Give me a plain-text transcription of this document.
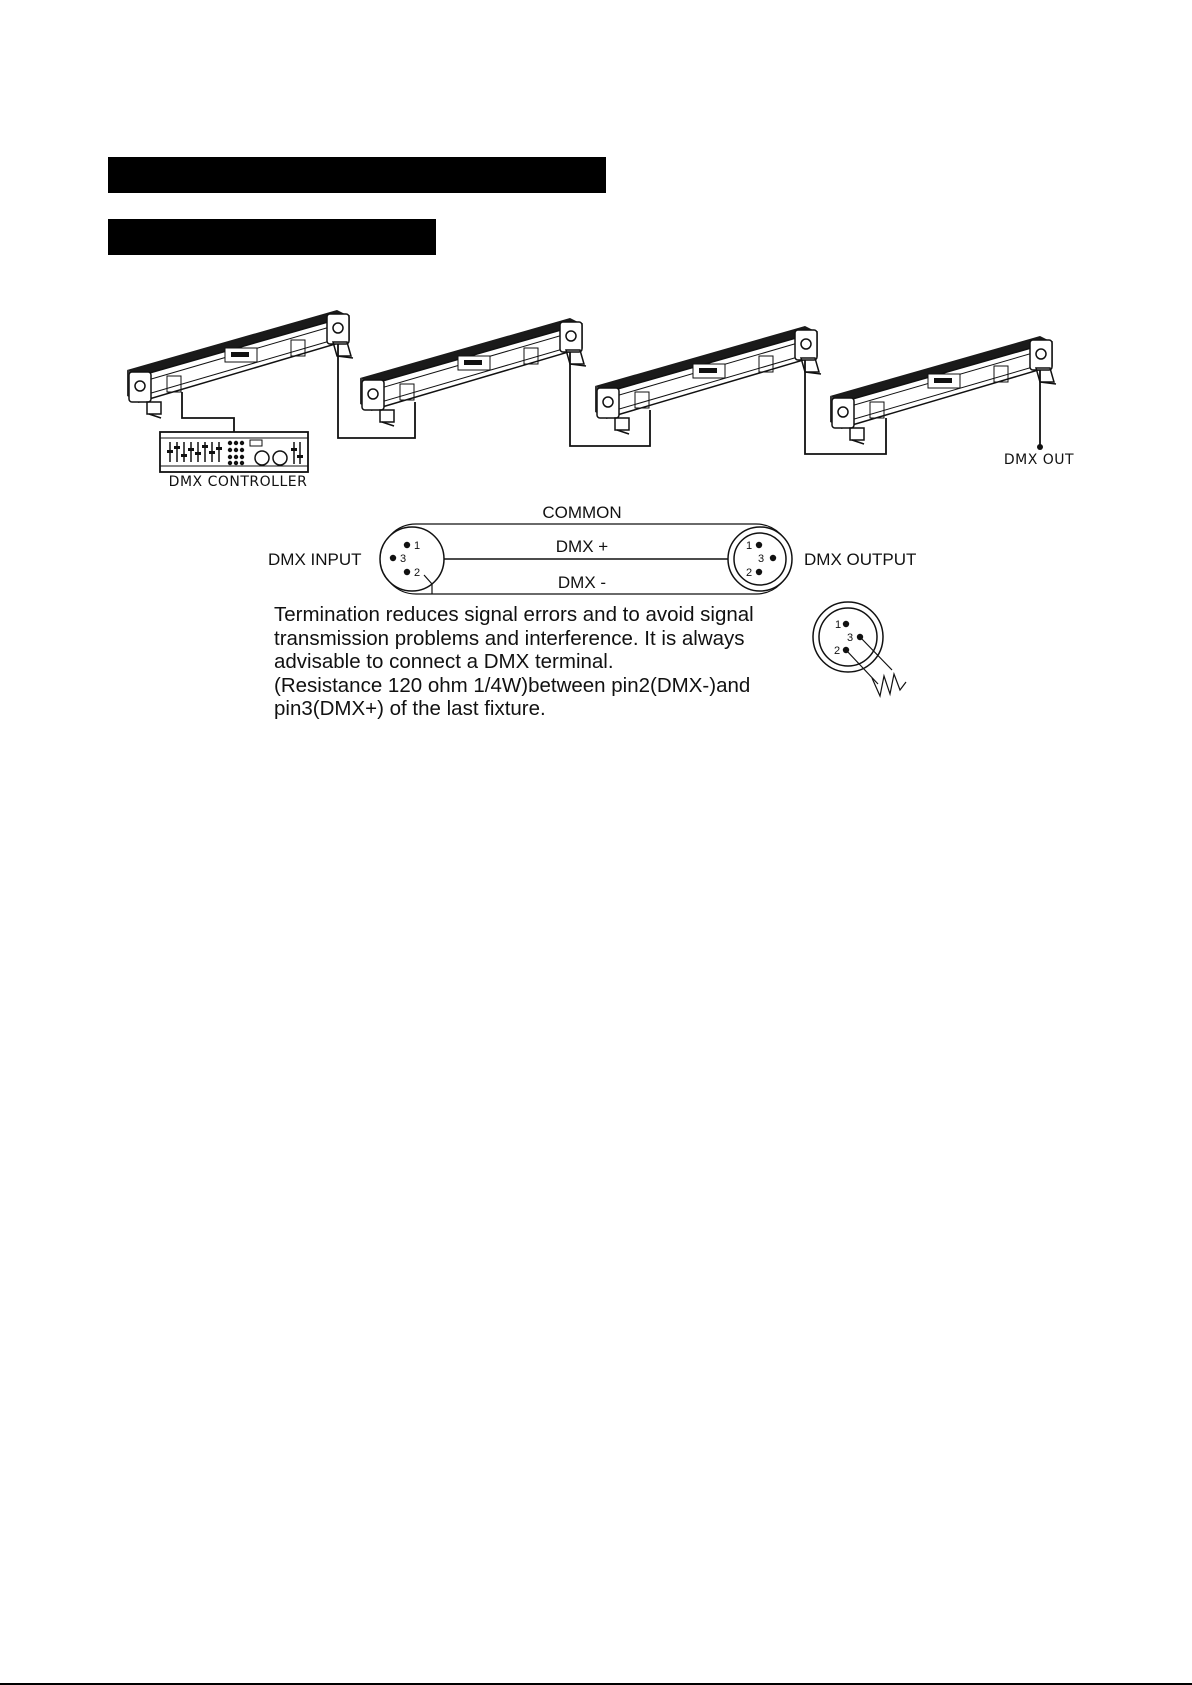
DMX CONTROLLER
DMX OUT
1
3
2
1
3
2
COMMON
DMX +
DMX -
DMX INPUT	DMX OUTPUT
1
3
2

Termination reduces signal errors and to avoid signal
transmission problems and interference. It is always
advisable to connect a DMX terminal.
(Resistance 120 ohm 1/4W)between pin2(DMX-)and
pin3(DMX+) of the last fixture.
